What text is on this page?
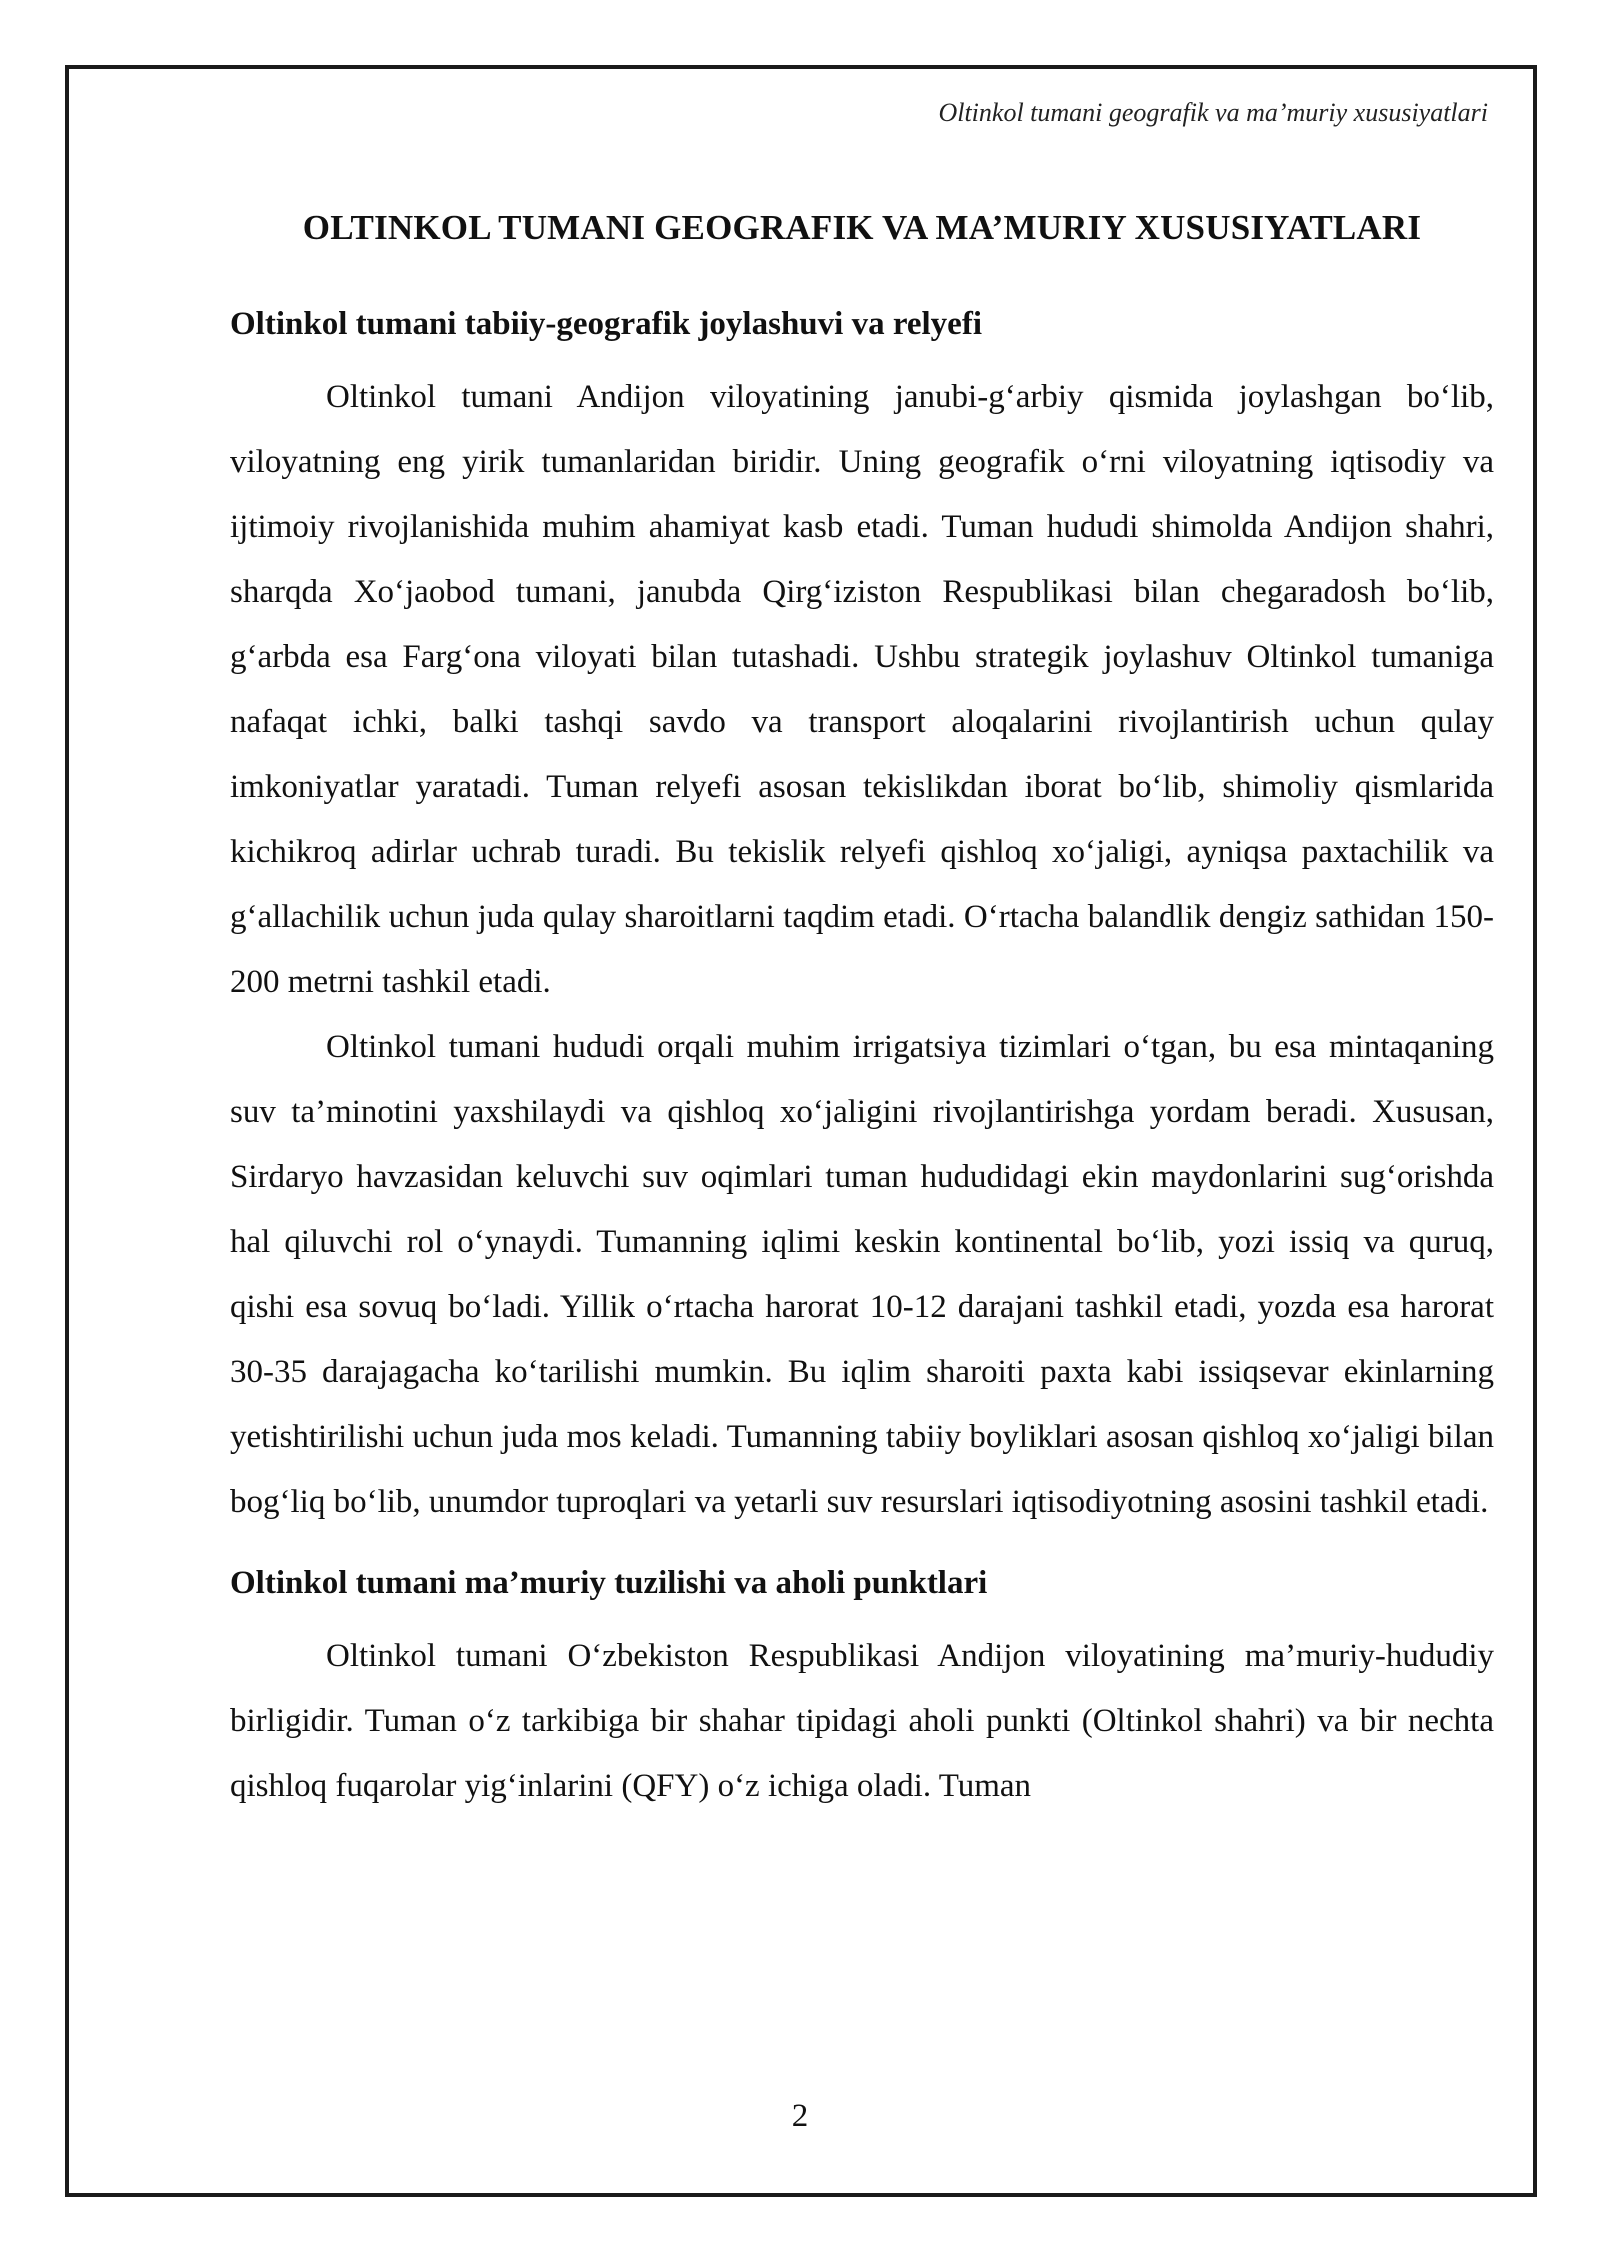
Oltinkol tumani geografik va ma’muriy xususiyatlari
OLTINKOL TUMANI GEOGRAFIK VA MA’MURIY XUSUSIYATLARI
Oltinkol tumani tabiiy-geografik joylashuvi va relyefi

Oltinkol tumani Andijon viloyatining janubi-g‘arbiy qismida joylashgan bo‘lib, viloyatning eng yirik tumanlaridan biridir. Uning geografik o‘rni viloyatning iqtisodiy va ijtimoiy rivojlanishida muhim ahamiyat kasb etadi. Tuman hududi shimolda Andijon shahri, sharqda Xo‘jaobod tumani, janubda Qirg‘iziston Respublikasi bilan chegaradosh bo‘lib, g‘arbda esa Farg‘ona viloyati bilan tutashadi. Ushbu strategik joylashuv Oltinkol tumaniga nafaqat ichki, balki tashqi savdo va transport aloqalarini rivojlantirish uchun qulay imkoniyatlar yaratadi. Tuman relyefi asosan tekislikdan iborat bo‘lib, shimoliy qismlarida kichikroq adirlar uchrab turadi. Bu tekislik relyefi qishloq xo‘jaligi, ayniqsa paxtachilik va g‘allachilik uchun juda qulay sharoitlarni taqdim etadi. O‘rtacha balandlik dengiz sathidan 150-200 metrni tashkil etadi.

Oltinkol tumani hududi orqali muhim irrigatsiya tizimlari o‘tgan, bu esa mintaqaning suv ta’minotini yaxshilaydi va qishloq xo‘jaligini rivojlantirishga yordam beradi. Xususan, Sirdaryo havzasidan keluvchi suv oqimlari tuman hududidagi ekin maydonlarini sug‘orishda hal qiluvchi rol o‘ynaydi. Tumanning iqlimi keskin kontinental bo‘lib, yozi issiq va quruq, qishi esa sovuq bo‘ladi. Yillik o‘rtacha harorat 10-12 darajani tashkil etadi, yozda esa harorat 30-35 darajagacha ko‘tarilishi mumkin. Bu iqlim sharoiti paxta kabi issiqsevar ekinlarning yetishtirilishi uchun juda mos keladi. Tumanning tabiiy boyliklari asosan qishloq xo‘jaligi bilan bog‘liq bo‘lib, unumdor tuproqlari va yetarli suv resurslari iqtisodiyotning asosini tashkil etadi.

Oltinkol tumani ma’muriy tuzilishi va aholi punktlari

Oltinkol tumani O‘zbekiston Respublikasi Andijon viloyatining ma’muriy-hududiy birligidir. Tuman o‘z tarkibiga bir shahar tipidagi aholi punkti (Oltinkol shahri) va bir nechta qishloq fuqarolar yig‘inlarini (QFY) o‘z ichiga oladi. Tuman

2
